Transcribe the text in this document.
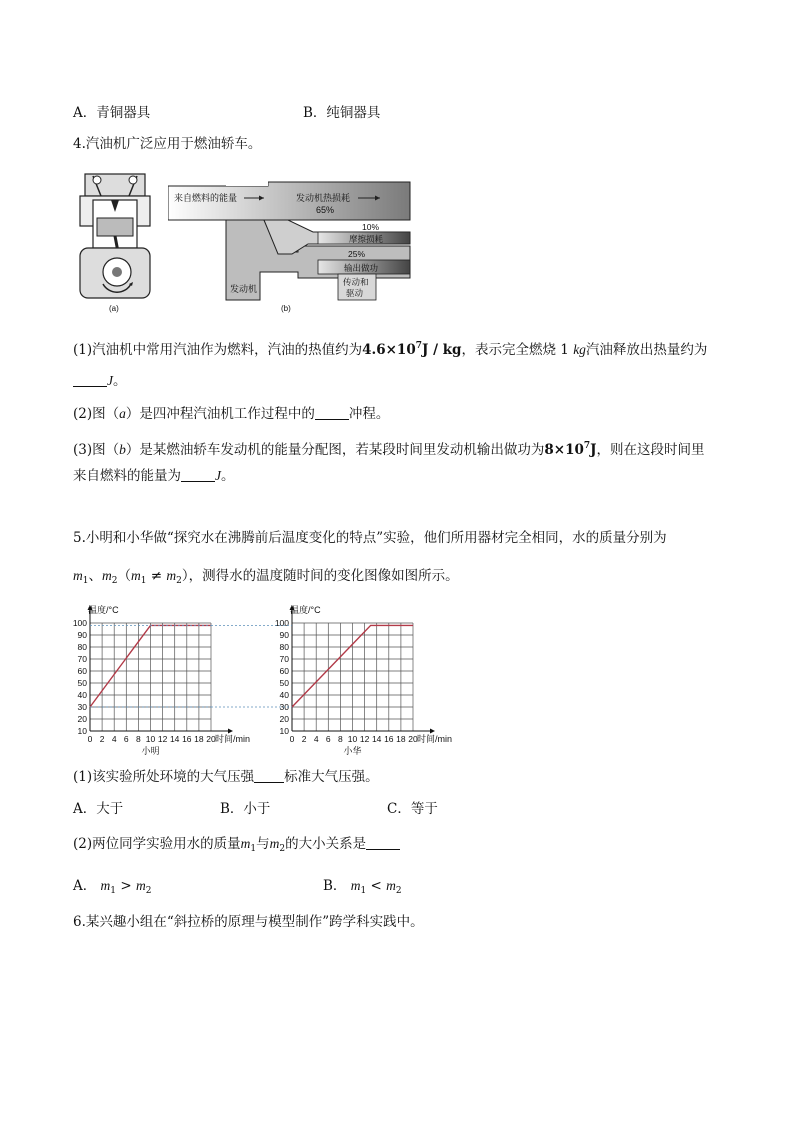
A．青铜器具	B．纯铜器具
4.汽油机广泛应用于燃油轿车。
(a)
来自燃料的能量	发动机热损耗
65%
10%
摩擦损耗
25%
输出做功
发动机
传动和
驱动
(b)
(1)汽油机中常用汽油作为燃料，汽油的热值约为$4.6\times 10^7J$ / kg，表示完全燃烧 1 kg汽油释放出热量约为
J。
(2)图（a）是四冲程汽油机工作过程中的	冲程。
(3)图（b）是某燃油轿车发动机的能量分配图，若某段时间里发动机输出做功为$8\times 10^7J$，则在这段时间里
来自燃料的能量为	J。
5.小明和小华做“探究水在沸腾前后温度变化的特点”实验，他们所用器材完全相同，水的质量分别为
$m_1$、$m_2(m_1 \ne m_2)$，测得水的温度随时间的变化图像如图所示。
0 2 4 6 8 10 12 14 16 18 20
10
20
30
40
50
60
70
80
90
100
温度/°C
时间/min
小明
0 2 4 6 8 10 12 14 16 18 20
10
20
30
40
50
60
70
80
90
100
温度/°C
时间/min
小华
(1)该实验所处环境的大气压强 标准大气压强。
A．大于	B．小于	C．等于
(2)两位同学实验用水的质量$m_1$与$m_2$的大小关系是
A． $m_1 > m_2$	B． $m_1 < m_2$
6.某兴趣小组在“斜拉桥的原理与模型制作”跨学科实践中。
